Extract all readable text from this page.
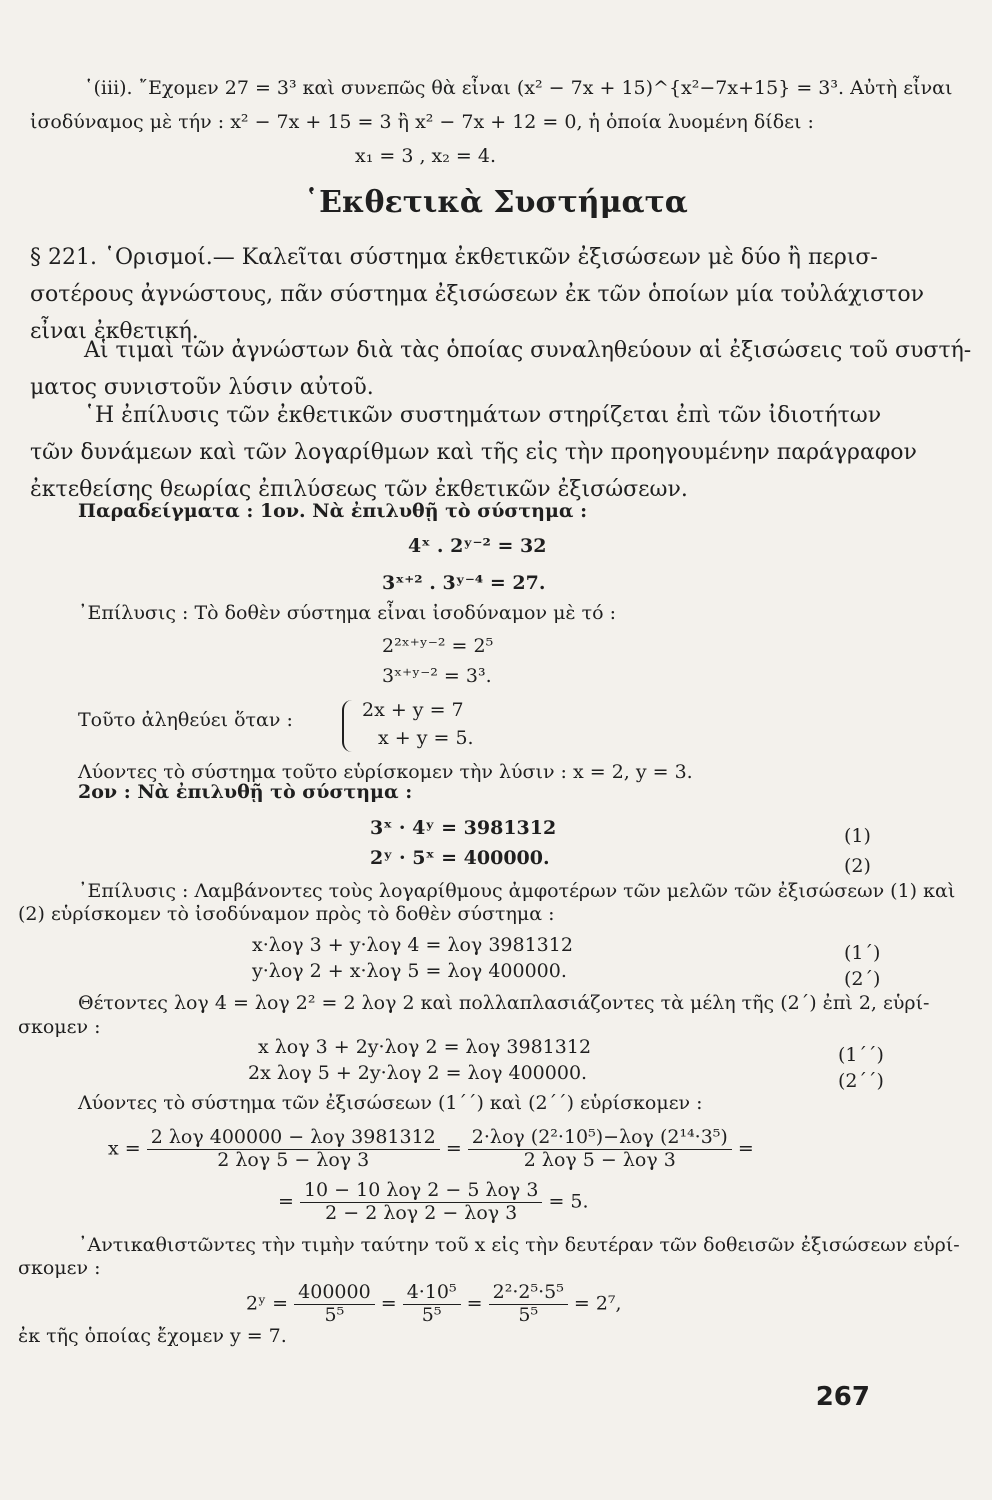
῾(iii). ῎Εχομεν 27 = 3³ καὶ συνεπῶς θὰ εἶναι (x² − 7x + 15)^{x²−7x+15} = 3³. Αὐτὴ εἶναι
ἰσοδύναμος μὲ τήν : x² − 7x + 15 = 3 ἢ x² − 7x + 12 = 0, ἡ ὁποία λυομένη δίδει :
x₁ = 3 , x₂ = 4.
῾Εκθετικὰ Συστήματα
§ 221. ῾Ορισμοί.— Καλεῖται σύστημα ἐκθετικῶν ἐξισώσεων μὲ δύο ἢ περισ-
σοτέρους ἀγνώστους, πᾶν σύστημα ἐξισώσεων ἐκ τῶν ὁποίων μία τοὐλάχιστον
εἶναι ἐκθετική.
Αἱ τιμαὶ τῶν ἀγνώστων διὰ τὰς ὁποίας συναληθεύουν αἱ ἐξισώσεις τοῦ συστή-
ματος συνιστοῦν λύσιν αὐτοῦ.
῾Η ἐπίλυσις τῶν ἐκθετικῶν συστημάτων στηρίζεται ἐπὶ τῶν ἰδιοτήτων
τῶν δυνάμεων καὶ τῶν λογαρίθμων καὶ τῆς εἰς τὴν προηγουμένην παράγραφον
ἐκτεθείσης θεωρίας ἐπιλύσεως τῶν ἐκθετικῶν ἐξισώσεων.
Παραδείγματα : 1ον. Νὰ ἐπιλυθῇ τὸ σύστημα :
4ˣ . 2ʸ⁻² = 32
3ˣ⁺² . 3ʸ⁻⁴ = 27.
᾿Επίλυσις : Τὸ δοθὲν σύστημα εἶναι ἰσοδύναμον μὲ τό :
2²ˣ⁺ʸ⁻² = 2⁵
3ˣ⁺ʸ⁻² = 3³.
Τοῦτο ἀληθεύει ὅταν :	2x + y = 7
x + y = 5.
Λύοντες τὸ σύστημα τοῦτο εὑρίσκομεν τὴν λύσιν : x = 2, y = 3.
2ον : Νὰ ἐπιλυθῇ τὸ σύστημα :
3ˣ · 4ʸ = 3981312
2ʸ · 5ˣ = 400000.
(1)
(2)
᾿Επίλυσις : Λαμβάνοντες τοὺς λογαρίθμους ἀμφοτέρων τῶν μελῶν τῶν ἐξισώσεων (1) καὶ
(2) εὑρίσκομεν τὸ ἰσοδύναμον πρὸς τὸ δοθὲν σύστημα :
x·λογ 3 + y·λογ 4 = λογ 3981312
y·λογ 2 + x·λογ 5 = λογ 400000.
(1΄)
(2΄)
Θέτοντες λογ 4 = λογ 2² = 2 λογ 2 καὶ πολλαπλασιάζοντες τὰ μέλη τῆς (2΄) ἐπὶ 2, εὑρί-
σκομεν :
x λογ 3 + 2y·λογ 2 = λογ 3981312
2x λογ 5 + 2y·λογ 2 = λογ 400000.
(1΄΄)
(2΄΄)
Λύοντες τὸ σύστημα τῶν ἐξισώσεων (1΄΄) καὶ (2΄΄) εὑρίσκομεν :
$x = \frac{\text{2 λογ 400000 − λογ 3981312}}{\text{2 λογ 5 − λογ 3}} = \frac{\text{2·λογ (2²·10⁵)−λογ (2¹⁴·3⁵)}}{\text{2 λογ 5 − λογ 3}}$ =
= $\frac{\text{10 − 10 λογ 2 − 5 λογ 3}}{\text{2 − 2 λογ 2 − λογ 3}} = 5$.
᾿Αντικαθιστῶντες τὴν τιμὴν ταύτην τοῦ x εἰς τὴν δευτέραν τῶν δοθεισῶν ἐξισώσεων εὑρί-
σκομεν :
2ʸ = $\frac{400000}{\text{5⁵}} = \frac{\text{4·10⁵}}{\text{5⁵}} = \frac{\text{2²·2⁵·5⁵}}{\text{5⁵}} = 2^7$,
ἐκ τῆς ὁποίας ἔχομεν y = 7.
267
